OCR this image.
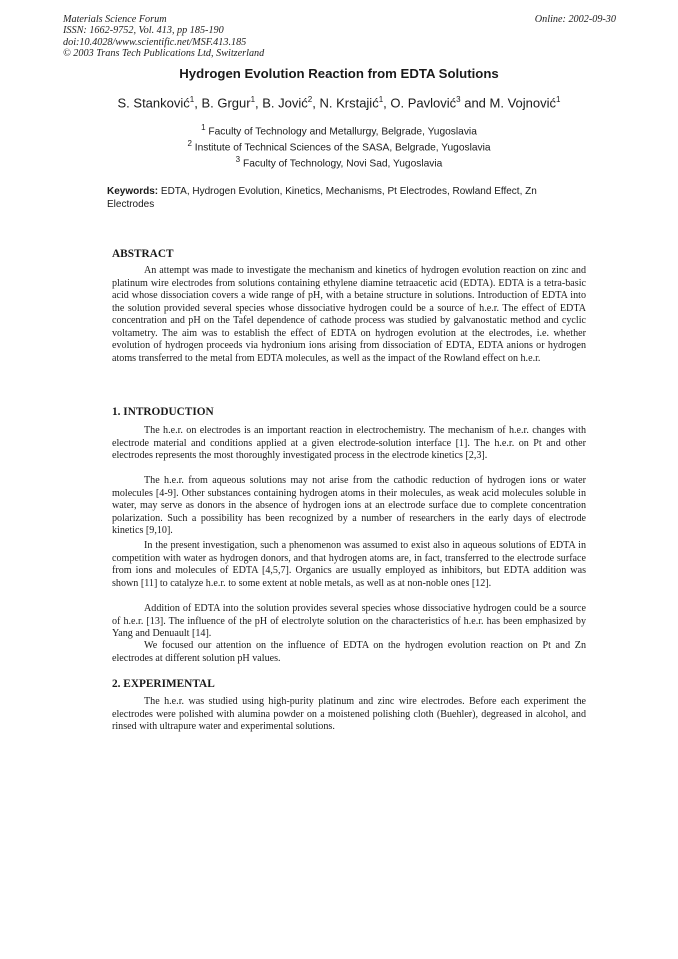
Materials Science Forum
ISSN: 1662-9752, Vol. 413, pp 185-190
doi:10.4028/www.scientific.net/MSF.413.185
© 2003 Trans Tech Publications Ltd, Switzerland
Online: 2002-09-30
Hydrogen Evolution Reaction from EDTA Solutions
S. Stanković$^1$, B. Grgur$^1$, B. Jović$^2$, N. Krstajić$^1$, O. Pavlović$^3$ and M. Vojnović$^1$
$^1$ Faculty of Technology and Metallurgy, Belgrade, Yugoslavia
$^2$ Institute of Technical Sciences of the SASA, Belgrade, Yugoslavia
$^3$ Faculty of Technology, Novi Sad, Yugoslavia
Keywords: EDTA, Hydrogen Evolution, Kinetics, Mechanisms, Pt Electrodes, Rowland Effect, Zn Electrodes
ABSTRACT

An attempt was made to investigate the mechanism and kinetics of hydrogen evolution reaction on zinc and platinum wire electrodes from solutions containing ethylene diamine tetraacetic acid (EDTA). EDTA is a tetra-basic acid whose dissociation covers a wide range of pH, with a betaine structure in solutions. Introduction of EDTA into the solution provided several species whose dissociative hydrogen could be a source of h.e.r. The effect of EDTA concentration and pH on the Tafel dependence of cathode process was studied by galvanostatic method and cyclic voltametry. The aim was to establish the effect of EDTA on hydrogen evolution at the electrodes, i.e. whether evolution of hydrogen proceeds via hydronium ions arising from dissociation of EDTA, EDTA anions or hydrogen atoms transferred to the metal from EDTA molecules, as well as the impact of the Rowland effect on h.e.r.

1. INTRODUCTION

The h.e.r. on electrodes is an important reaction in electrochemistry. The mechanism of h.e.r. changes with electrode material and conditions applied at a given electrode-solution interface [1]. The h.e.r. on Pt and other electrodes represents the most thoroughly investigated process in the electrode kinetics [2,3].

The h.e.r. from aqueous solutions may not arise from the cathodic reduction of hydrogen ions or water molecules [4-9]. Other substances containing hydrogen atoms in their molecules, as weak acid molecules soluble in water, may serve as donors in the absence of hydrogen ions at an electrode surface due to complete concentration polarization. Such a possibility has been recognized by a number of researchers in the early days of electrode kinetics [9,10].

In the present investigation, such a phenomenon was assumed to exist also in aqueous solutions of EDTA in competition with water as hydrogen donors, and that hydrogen atoms are, in fact, transferred to the electrode surface from ions and molecules of EDTA [4,5,7]. Organics are usually employed as inhibitors, but EDTA addition was shown [11] to catalyze h.e.r. to some extent at noble metals, as well as at non-noble ones [12].

Addition of EDTA into the solution provides several species whose dissociative hydrogen could be a source of h.e.r. [13]. The influence of the pH of electrolyte solution on the characteristics of h.e.r. has been emphasized by Yang and Denuault [14].

We focused our attention on the influence of EDTA on the hydrogen evolution reaction on Pt and Zn electrodes at different solution pH values.

2. EXPERIMENTAL

The h.e.r. was studied using high-purity platinum and zinc wire electrodes. Before each experiment the electrodes were polished with alumina powder on a moistened polishing cloth (Buehler), degreased in alcohol, and rinsed with ultrapure water and experimental solutions.
